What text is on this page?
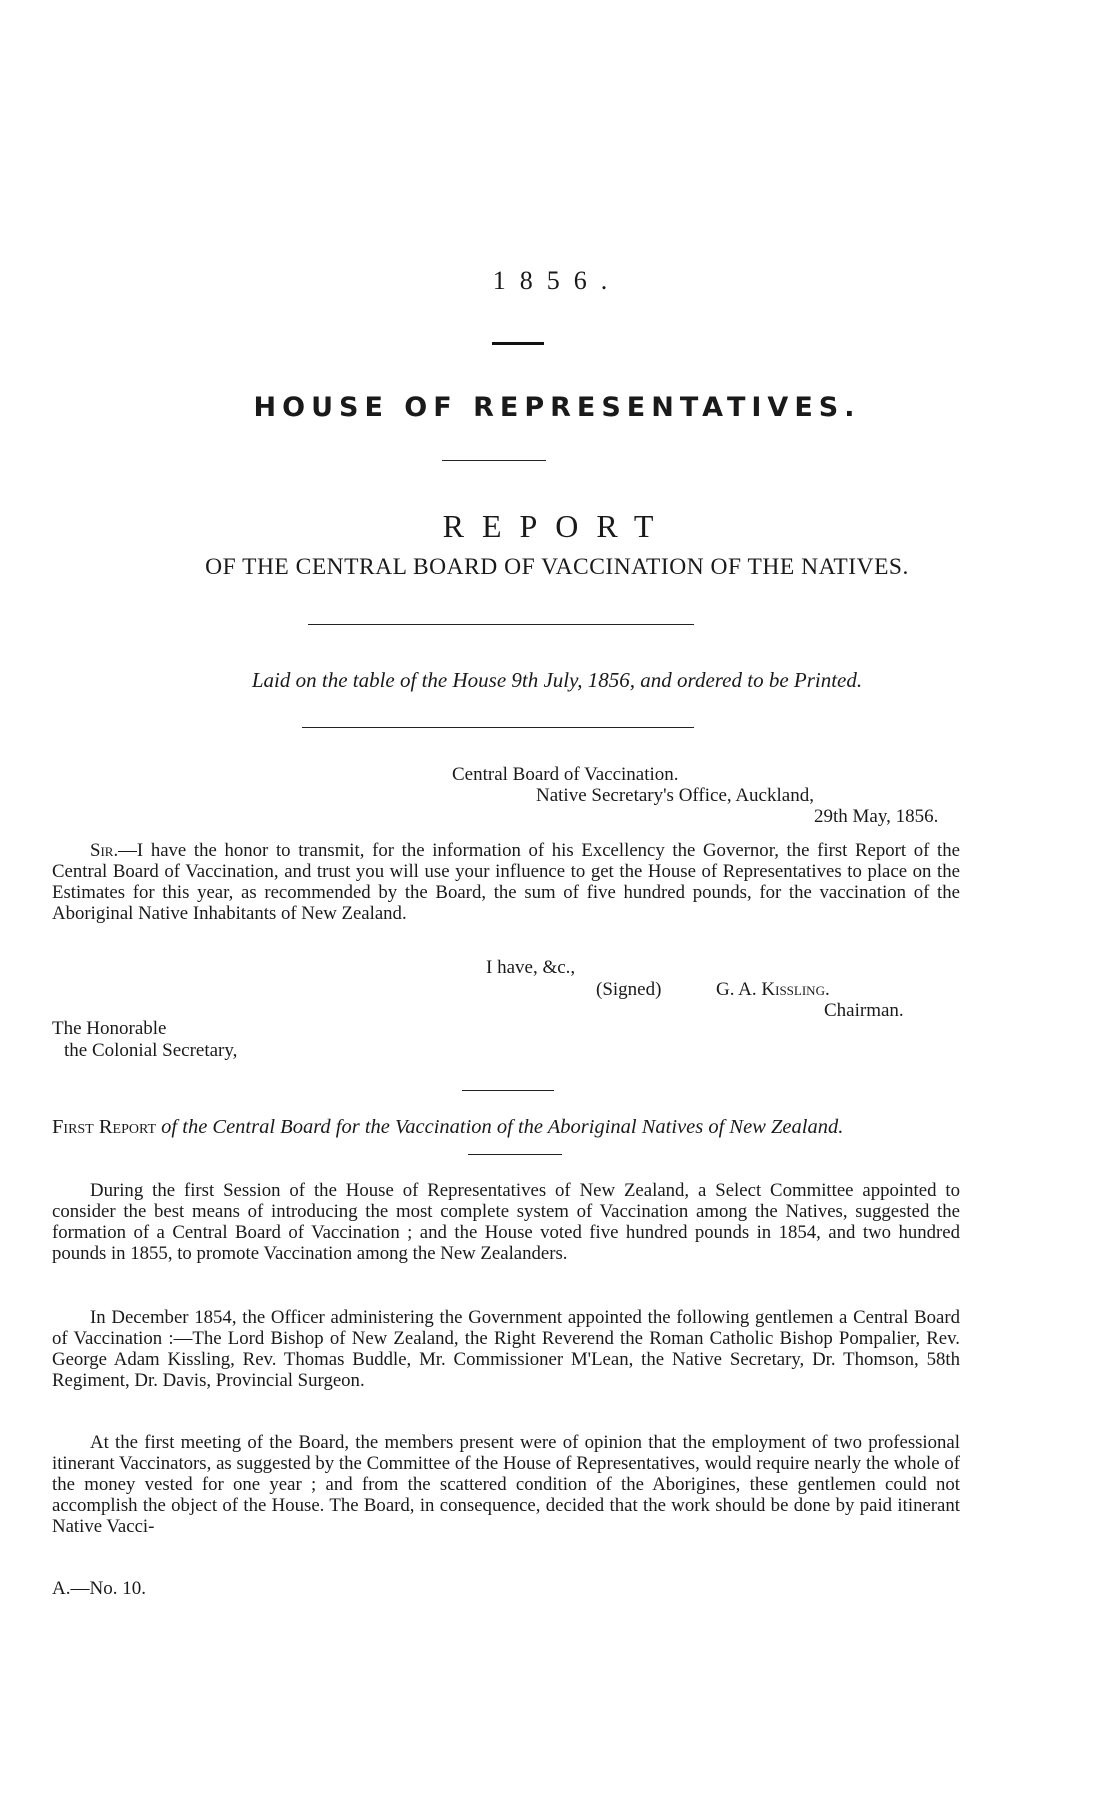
1856.
HOUSE OF REPRESENTATIVES.
REPORT
OF THE CENTRAL BOARD OF VACCINATION OF THE NATIVES.
Laid on the table of the House 9th July, 1856, and ordered to be Printed.
Central Board of Vaccination.
Native Secretary's Office, Auckland,
29th May, 1856.
Sir.—I have the honor to transmit, for the information of his Excellency the Governor, the first Report of the Central Board of Vaccination, and trust you will use your influence to get the House of Representatives to place on the Estimates for this year, as recommended by the Board, the sum of five hundred pounds, for the vaccination of the Aboriginal Native Inhabitants of New Zealand.
I have, &c.,
(Signed)	G. A. Kissling.
Chairman.
The Honorable
the Colonial Secretary,
First Report of the Central Board for the Vaccination of the Aboriginal Natives of New Zealand.
During the first Session of the House of Representatives of New Zealand, a Select Committee appointed to consider the best means of introducing the most complete system of Vaccination among the Natives, suggested the formation of a Central Board of Vaccination ; and the House voted five hundred pounds in 1854, and two hundred pounds in 1855, to promote Vaccination among the New Zealanders.
In December 1854, the Officer administering the Government appointed the following gentlemen a Central Board of Vaccination :—The Lord Bishop of New Zealand, the Right Reverend the Roman Catholic Bishop Pompalier, Rev. George Adam Kissling, Rev. Thomas Buddle, Mr. Commissioner M'Lean, the Native Secretary, Dr. Thomson, 58th Regiment, Dr. Davis, Provincial Surgeon.
At the first meeting of the Board, the members present were of opinion that the employment of two professional itinerant Vaccinators, as suggested by the Committee of the House of Representatives, would require nearly the whole of the money vested for one year ; and from the scattered condition of the Aborigines, these gentlemen could not accomplish the object of the House. The Board, in consequence, decided that the work should be done by paid itinerant Native Vacci-
A.—No. 10.
